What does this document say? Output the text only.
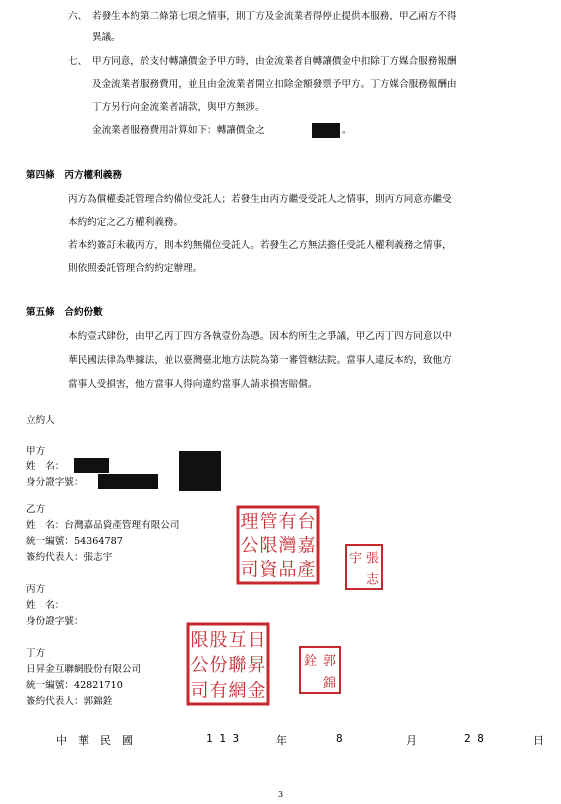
六、 若發生本約第二條第七項之情事，則丁方及金流業者得停止提供本服務，甲乙兩方不得
異議。
七、 甲方同意，於支付轉讓價金予甲方時，由金流業者自轉讓價金中扣除丁方媒合服務報酬
及金流業者服務費用，並且由金流業者開立扣除金額發票予甲方。丁方媒合服務報酬由
丁方另行向金流業者請款，與甲方無涉。
金流業者服務費用計算如下：轉讓價金之	。
第四條　丙方權利義務
丙方為償權委託管理合約備位受託人；若發生由丙方繼受受託人之情事，則丙方同意亦繼受
本約約定之乙方權利義務。
若本約簽訂未載丙方，則本約無備位受託人。若發生乙方無法擔任受託人權利義務之情事，
則依照委託管理合約約定辦理。
第五條　合約份數
本約壹式肆份，由甲乙丙丁四方各執壹份為憑。因本約所生之爭議，甲乙丙丁四方同意以中
華民國法律為準據法，並以臺灣臺北地方法院為第一審管轄法院。當事人違反本約，致他方
當事人受損害，他方當事人得向違約當事人請求損害賠償。
立約人
甲方
姓　名：
身分證字號：
乙方
姓　名：台灣嘉品資產管理有限公司
統一編號：54364787
簽約代表人：張志宇
台
嘉
產
有
灣
品
管
限
資
理
公
司
張
志
宇
丙方
姓　名：
身份證字號：
丁方
日昇金互聯網股份有限公司
統一編號：42821710
簽約代表人：郭錦銓
日
昇
金
互
聯
網
股
份
有
限
公
司
郭
錦
銓
中　華　民　國	1 1 3	年	8	月	2 8	日
3
